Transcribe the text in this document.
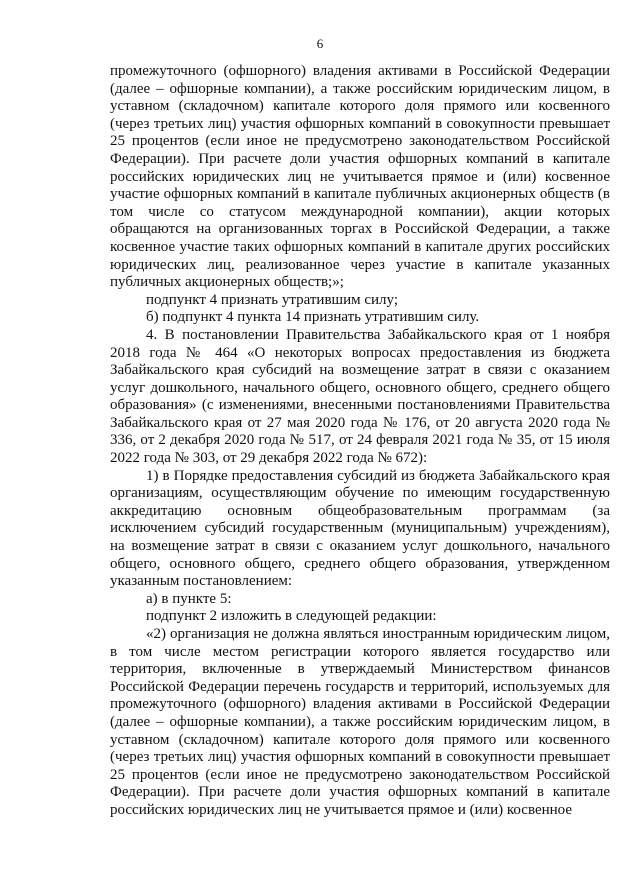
6

промежуточного (офшорного) владения активами в Российской Федерации (далее – офшорные компании), а также российским юридическим лицом, в уставном (складочном) капитале которого доля прямого или косвенного (через третьих лиц) участия офшорных компаний в совокупности превышает 25 процентов (если иное не предусмотрено законодательством Российской Федерации). При расчете доли участия офшорных компаний в капитале российских юридических лиц не учитывается прямое и (или) косвенное участие офшорных компаний в капитале публичных акционерных обществ (в том числе со статусом международной компании), акции которых обращаются на организованных торгах в Российской Федерации, а также косвенное участие таких офшорных компаний в капитале других российских юридических лиц, реализованное через участие в капитале указанных публичных акционерных обществ;»;

подпункт 4 признать утратившим силу;

б) подпункт 4 пункта 14 признать утратившим силу.

4. В постановлении Правительства Забайкальского края от 1 ноября 2018 года № 464 «О некоторых вопросах предоставления из бюджета Забайкальского края субсидий на возмещение затрат в связи с оказанием услуг дошкольного, начального общего, основного общего, среднего общего образования» (с изменениями, внесенными постановлениями Правительства Забайкальского края от 27 мая 2020 года № 176, от 20 августа 2020 года № 336, от 2 декабря 2020 года № 517, от 24 февраля 2021 года № 35, от 15 июля 2022 года № 303, от 29 декабря 2022 года № 672):

1) в Порядке предоставления субсидий из бюджета Забайкальского края организациям, осуществляющим обучение по имеющим государственную аккредитацию основным общеобразовательным программам (за исключением субсидий государственным (муниципальным) учреждениям), на возмещение затрат в связи с оказанием услуг дошкольного, начального общего, основного общего, среднего общего образования, утвержденном указанным постановлением:

а) в пункте 5:

подпункт 2 изложить в следующей редакции:

«2) организация не должна являться иностранным юридическим лицом, в том числе местом регистрации которого является государство или территория, включенные в утверждаемый Министерством финансов Российской Федерации перечень государств и территорий, используемых для промежуточного (офшорного) владения активами в Российской Федерации (далее – офшорные компании), а также российским юридическим лицом, в уставном (складочном) капитале которого доля прямого или косвенного (через третьих лиц) участия офшорных компаний в совокупности превышает 25 процентов (если иное не предусмотрено законодательством Российской Федерации). При расчете доли участия офшорных компаний в капитале российских юридических лиц не учитывается прямое и (или) косвенное
